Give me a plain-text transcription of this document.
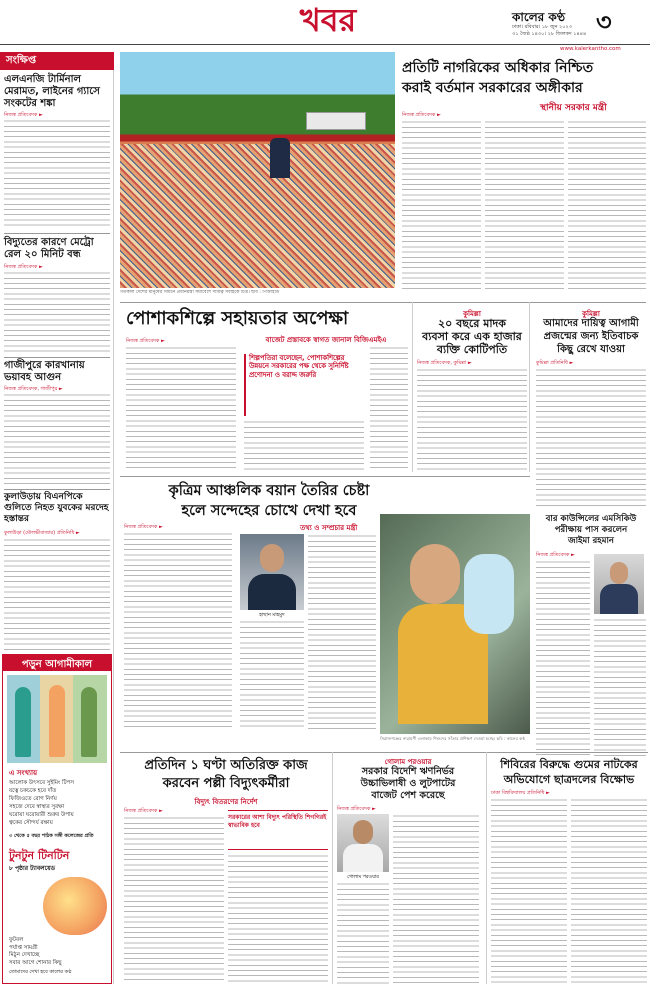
খবর	কালের কণ্ঠ
ঢাকা। রবিবার। ১৮ জুন ২০২৩
৩১ জৈষ্ঠ ১৪৩০। ২৮ জিলকদ ১৪৪৪ ৩
www.kalerkantho.com
সংক্ষিপ্ত
এলএনজি টার্মিনাল মেরামত, লাইনের গ্যাসে সংকটের শঙ্কা
নিজস্ব প্রতিবেদক ►
বিদ্যুতের কারণে মেট্রো রেল ২০ মিনিট বন্ধ
নিজস্ব প্রতিবেদক ►
গাজীপুরে কারখানায় ভয়াবহ আগুন
নিজস্ব প্রতিবেদক, গাজীপুর ►
কুলাউড়ায় বিএনপিকে গুলিতে নিহত যুবকের মরদেহ হস্তান্তর
কুলাউড়া (মৌলভীবাজার) প্রতিনিধি ►
পড়ুন আগামীকাল
এ সংখ্যায়
আলোক উৎসবে সুইমিং টিপস
যত্নে চকচকে হবে দাঁত
ফিজিওতে রোগ নির্ণয়
সহজে দেবে স্বাস্থ্যর সুরক্ষা
ঘরোয়া ঘরোয়ারী শুরুর উপায়
ত্বকের সৌন্দর্য রক্ষায়
৩ থেকে ৫ বছর পাঠক সঙ্গী কলেজের প্রতি
টুনটুন টিনটিন
৮ পৃষ্ঠার ট্যাবলয়েড
ফুটবল
পর্যাপ্ত সামগ্রী
মিঠুন দেখাচ্ছে
সবার আগে শোনার কিছু
তোমাদের দেখা হবে কালের কণ্ঠ
গতকাল দেশের মানুষের সামনে প্রধানমন্ত্রী সমাবেশে দায়িত্ব সবাইকে চিত্র। ছবি : পিআইডি
প্রতিটি নাগরিকের অধিকার নিশ্চিত
করাই বর্তমান সরকারের অঙ্গীকার
স্থানীয় সরকার মন্ত্রী
নিজস্ব প্রতিবেদক ►
পোশাকশিল্পে সহায়তার অপেক্ষা
বাজেট প্রস্তাবকে স্বাগত জানাল বিজিএমইএ
নিজস্ব প্রতিবেদক ►
শিল্পপতিরা বলেছেন, পোশাকশিল্পের উন্নয়নে সরকারের পক্ষ থেকে সুনির্দিষ্ট প্রণোদনা ও বরাদ্দ জরুরি
কুমিল্লা
২০ বছরে মাদক
ব্যবসা করে এক হাজার
ব্যক্তি কোটিপতি
নিজস্ব প্রতিবেদক, কুমিল্লা ►
কুমিল্লা
আমাদের দায়িত্ব আগামী
প্রজন্মের জন্য ইতিবাচক
কিছু রেখে যাওয়া
কুমিল্লা প্রতিনিধি ►
কৃত্রিম আঞ্চলিক বয়ান তৈরির চেষ্টা
হলে সন্দেহের চোখে দেখা হবে
তথ্য ও সম্প্রচার মন্ত্রী
নিজস্ব প্রতিবেদক ►
হাছান মাহমুদ
সিরাজগঞ্জের নারায়ণী এলাকায় শিশুদের সাঁতার প্রশিক্ষণ দেওয়া হচ্ছে। ছবি : কালের কণ্ঠ
বার কাউন্সিলের এমসিকিউ
পরীক্ষায় পাস করলেন
জাইমা রহমান
নিজস্ব প্রতিবেদক ►
প্রতিদিন ১ ঘণ্টা অতিরিক্ত কাজ
করবেন পল্লী বিদ্যুৎকর্মীরা
বিদ্যুৎ বিতরণের নির্দেশ
নিজস্ব প্রতিবেদক ►
সরকারের আশা বিদ্যুৎ পরিস্থিতি শিগগিরই স্বাভাবিক হবে
গোলাম পরওয়ার
সরকার বিদেশি ঋণনির্ভর
উচ্চাভিলাষী ও লুটপাটের
বাজেট পেশ করেছে
নিজস্ব প্রতিবেদক ►
গোলাম পরওয়ার
শিবিরের বিরুদ্ধে গুমের নাটকের
অভিযোগে ছাত্রদলের বিক্ষোভ
ঢাকা বিশ্ববিদ্যালয় প্রতিনিধি ►
